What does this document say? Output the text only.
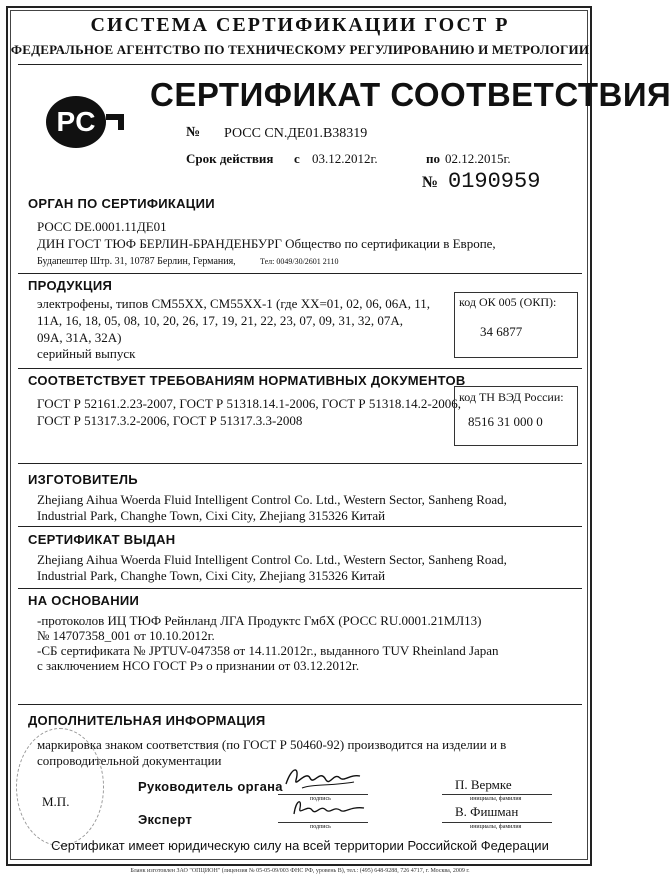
СИСТЕМА СЕРТИФИКАЦИИ ГОСТ Р
ФЕДЕРАЛЬНОЕ АГЕНТСТВО ПО ТЕХНИЧЕСКОМУ РЕГУЛИРОВАНИЮ И МЕТРОЛОГИИ
PC
СЕРТИФИКАТ СООТВЕТСТВИЯ
№ РОСС CN.ДЕ01.В38319
Срок действия с 03.12.2012г.	по 02.12.2015г.
№ 0190959
ОРГАН ПО СЕРТИФИКАЦИИ
РОСС DE.0001.11ДЕ01
ДИН ГОСТ ТЮФ БЕРЛИН-БРАНДЕНБУРГ Общество по сертификации в Европе,
Будапештер Штр. 31, 10787 Берлин, Германия,	Тел: 0049/30/2601 2110
ПРОДУКЦИЯ
электрофены, типов CM55XX, CM55XX-1 (где XX=01, 02, 06, 06A, 11,
11A, 16, 18, 05, 08, 10, 20, 26, 17, 19, 21, 22, 23, 07, 09, 31, 32, 07A,
09A, 31A, 32A)
серийный выпуск
код ОК 005 (ОКП):
34 6877
СООТВЕТСТВУЕТ ТРЕБОВАНИЯМ НОРМАТИВНЫХ ДОКУМЕНТОВ
ГОСТ Р 52161.2.23-2007, ГОСТ Р 51318.14.1-2006, ГОСТ Р 51318.14.2-2006,
ГОСТ Р 51317.3.2-2006, ГОСТ Р 51317.3.3-2008
код ТН ВЭД России:
8516 31 000 0
ИЗГОТОВИТЕЛЬ
Zhejiang Aihua Woerda Fluid Intelligent Control Co. Ltd., Western Sector, Sanheng Road,
Industrial Park, Changhe Town, Cixi City, Zhejiang 315326 Китай
СЕРТИФИКАТ ВЫДАН
Zhejiang Aihua Woerda Fluid Intelligent Control Co. Ltd., Western Sector, Sanheng Road,
Industrial Park, Changhe Town, Cixi City, Zhejiang 315326 Китай
НА ОСНОВАНИИ
-протоколов ИЦ ТЮФ Рейнланд ЛГА Продуктс ГмбХ (РОСС RU.0001.21МЛ13)
№ 14707358_001 от 10.10.2012г.
-СБ сертификата № JPTUV-047358 от 14.11.2012г., выданного TUV Rheinland Japan
с заключением НСО ГОСТ Рэ о признании от 03.12.2012г.
ДОПОЛНИТЕЛЬНАЯ ИНФОРМАЦИЯ
маркировка знаком соответствия (по ГОСТ Р 50460-92) производится на изделии и в
сопроводительной документации
Руководитель органа
подпись
П. Вермке
инициалы, фамилия
М.П.
Эксперт	подпись
В. Фишман
инициалы, фамилия
Сертификат имеет юридическую силу на всей территории Российской Федерации
Бланк изготовлен ЗАО "ОПЦИОН" (лицензия № 05-05-09/003 ФНС РФ, уровень В), тел.: (495) 648-9288, 726 4717, г. Москва, 2009 г.
